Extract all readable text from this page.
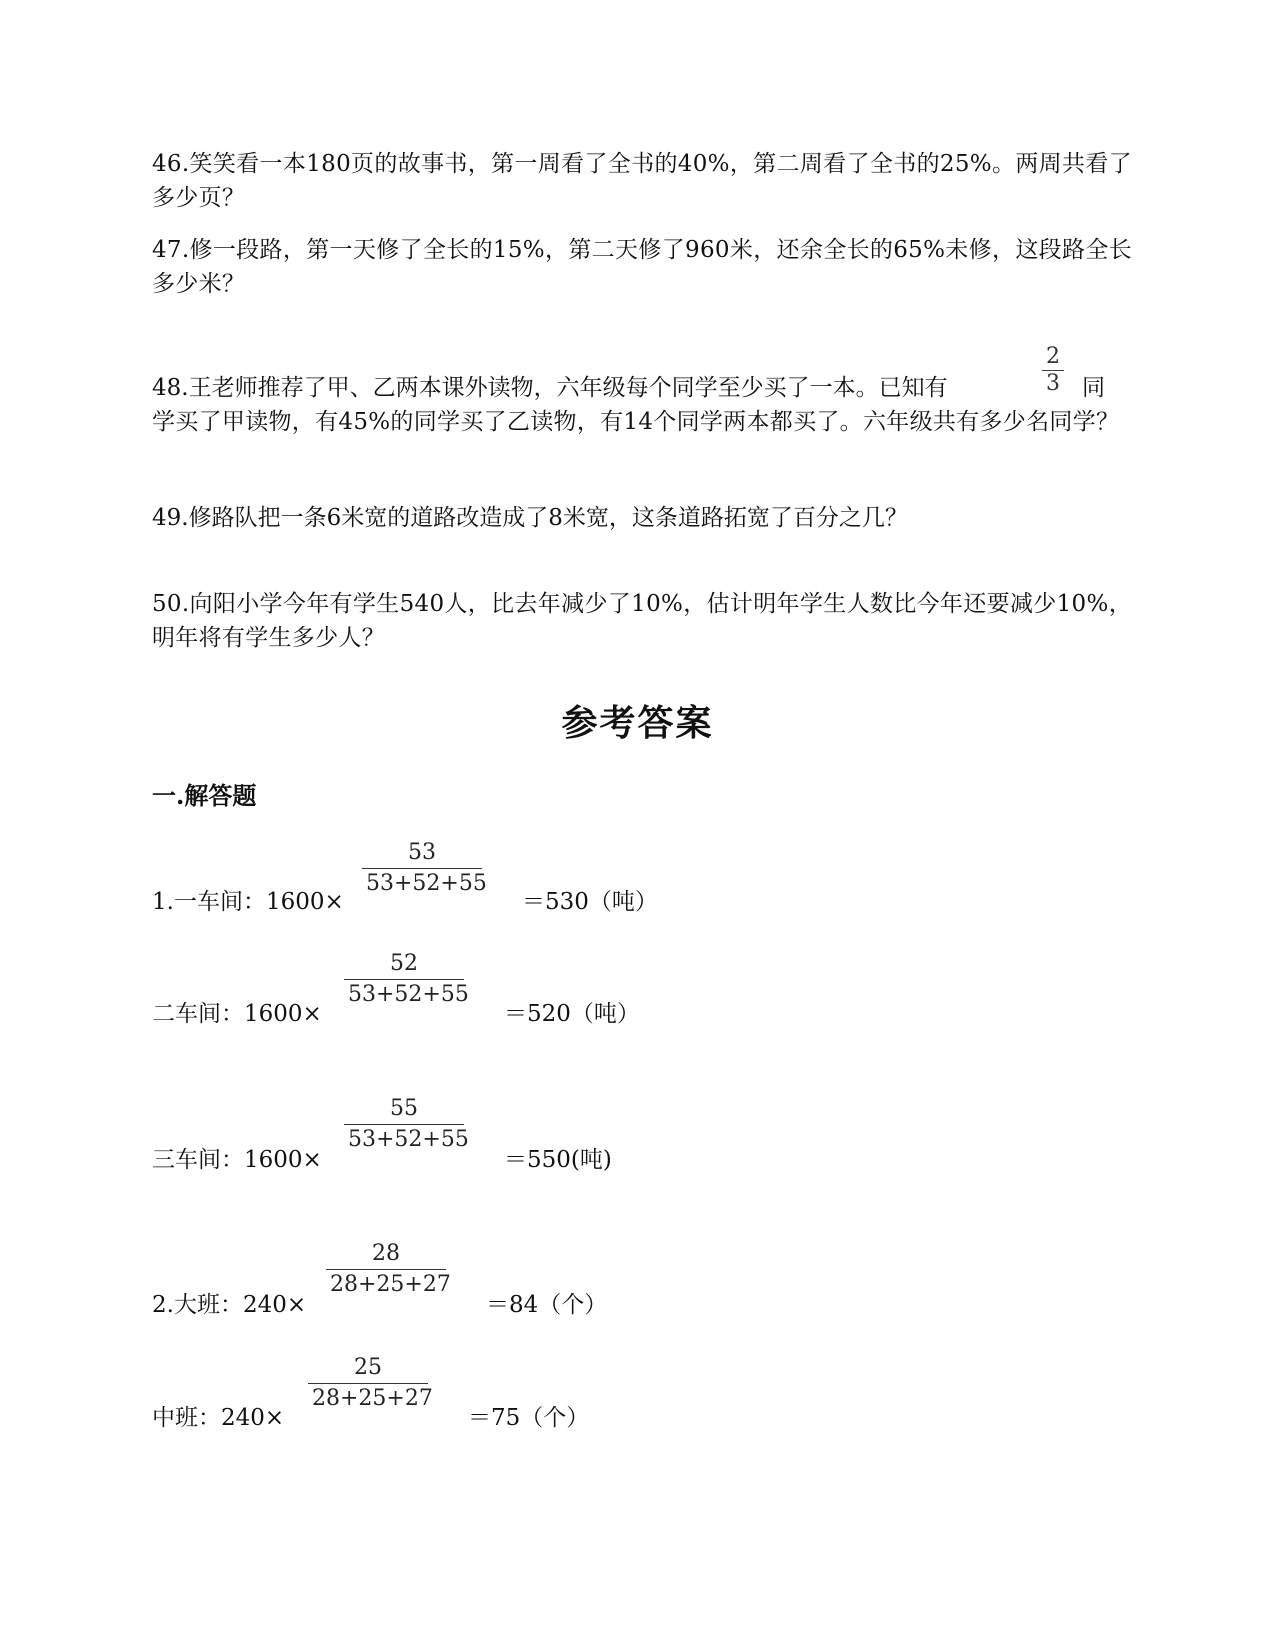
46.笑笑看一本180页的故事书，第一周看了全书的40%，第二周看了全书的25%。两周共看了多少页？
47.修一段路，第一天修了全长的15%，第二天修了960米，还余全长的65%未修，这段路全长多少米？
48.王老师推荐了甲、乙两本课外读物，六年级每个同学至少买了一本。已知有
2
3 同
学买了甲读物，有45%的同学买了乙读物，有14个同学两本都买了。六年级共有多少名同学？
49.修路队把一条6米宽的道路改造成了8米宽，这条道路拓宽了百分之几？
50.向阳小学今年有学生540人，比去年减少了10%，估计明年学生人数比今年还要减少10%，明年将有学生多少人？
参考答案
一.解答题
1.一车间：1600×
53
53+52+55
＝530（吨）
二车间：1600×
52
53+52+55
＝520（吨）
三车间：1600×
55
53+52+55
＝550(吨)
2.大班：240×
28
28+25+27
＝84（个）
中班：240×
25
28+25+27
＝75（个）
